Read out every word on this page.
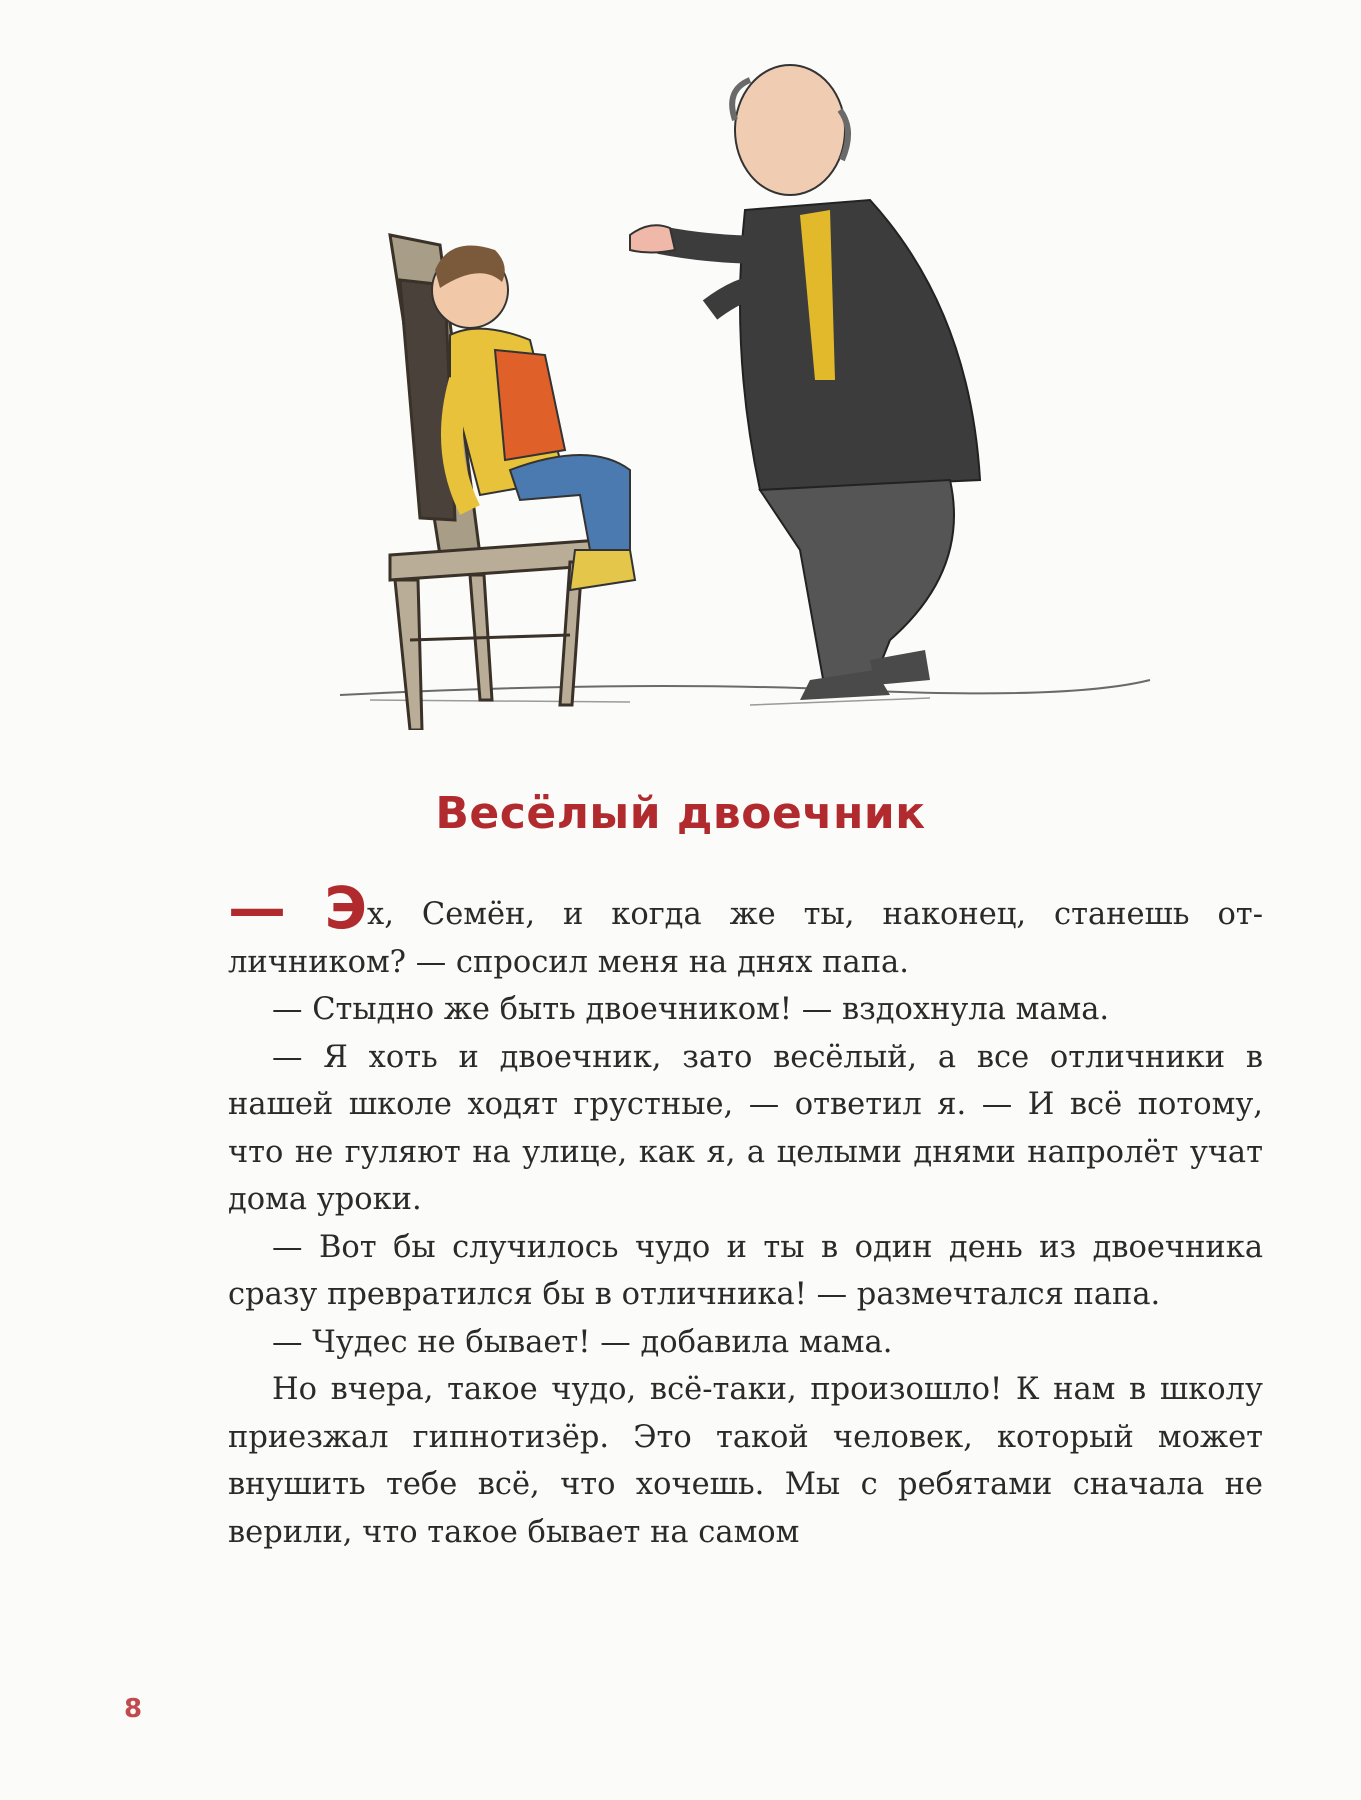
Весёлый двоечник

— Эх, Семён, и когда же ты, наконец, станешь отличником? — спросил меня на днях папа.

— Стыдно же быть двоечником! — вздохнула мама.

— Я хоть и двоечник, зато весёлый, а все отличники в нашей школе ходят грустные, — ответил я. — И всё потому, что не гуляют на улице, как я, а целыми днями напролёт учат дома уроки.

— Вот бы случилось чудо и ты в один день из двоечника сразу превратился бы в отличника! — размечтался папа.

— Чудес не бывает! — добавила мама.

Но вчера, такое чудо, всё-таки, произошло! К нам в школу приезжал гипнотизёр. Это такой человек, который может внушить тебе всё, что хочешь. Мы с ребятами сначала не верили, что такое бывает на самом

8
